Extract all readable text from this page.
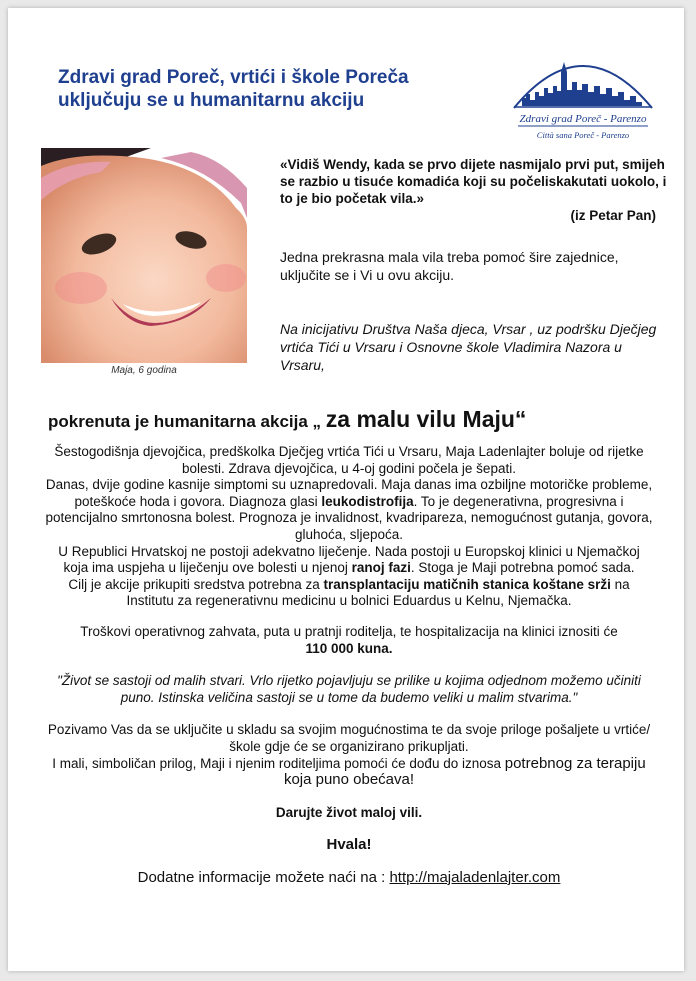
Zdravi grad Poreč, vrtići i škole Poreča
uključuju se u humanitarnu akciju
Zdravi grad Poreč - Parenzo
Città sana Poreč - Parenzo
Maja, 6 godina
«Vidiš Wendy, kada se prvo dijete nasmijalo prvi put, smijeh se razbio u tisuće komadića koji su počeliskakutati uokolo, i to je bio početak vila.»
(iz Petar Pan)
Jedna prekrasna mala vila treba pomoć šire zajednice, uključite se i Vi u ovu akciju.
Na inicijativu Društva Naša djeca, Vrsar , uz podršku Dječjeg vrtića Tići u Vrsaru i Osnovne škole Vladimira Nazora u Vrsaru,
pokrenuta je humanitarna akcija „ za malu vilu Maju“

Šestogodišnja djevojčica, predškolka Dječjeg vrtića Tići u Vrsaru, Maja Ladenlajter boluje od rijetke bolesti. Zdrava djevojčica, u 4-oj godini počela je šepati.
Danas, dvije godine kasnije simptomi su uznapredovali. Maja danas ima ozbiljne motoričke probleme, poteškoće hoda i govora. Diagnoza glasi leukodistrofija. To je degenerativna, progresivna i potencijalno smrtonosna bolest. Prognoza je invalidnost, kvadripareza, nemogućnost gutanja, govora, gluhoća, sljepoća.
U Republici Hrvatskoj ne postoji adekvatno liječenje. Nada postoji u Europskoj klinici u Njemačkoj koja ima uspjeha u liječenju ove bolesti u njenoj ranoj fazi. Stoga je Maji potrebna pomoć sada.
Cilj je akcije prikupiti sredstva potrebna za transplantaciju matičnih stanica koštane srži na Institutu za regenerativnu medicinu u bolnici Eduardus u Kelnu, Njemačka.

Troškovi operativnog zahvata, puta u pratnji roditelja, te hospitalizacija na klinici iznositi će
110 000 kuna.

"Život se sastoji od malih stvari. Vrlo rijetko pojavljuju se prilike u kojima odjednom možemo učiniti puno. Istinska veličina sastoji se u tome da budemo veliki u malim stvarima."

Pozivamo Vas da se uključite u skladu sa svojim mogućnostima te da svoje priloge pošaljete u vrtiće/škole gdje će se organizirano prikupljati.
I mali, simboličan prilog, Maji i njenim roditeljima pomoći će dođu do iznosa potrebnog za terapiju koja puno obećava!

Darujte život maloj vili.

Hvala!

Dodatne informacije možete naći na : http://majaladenlajter.com
